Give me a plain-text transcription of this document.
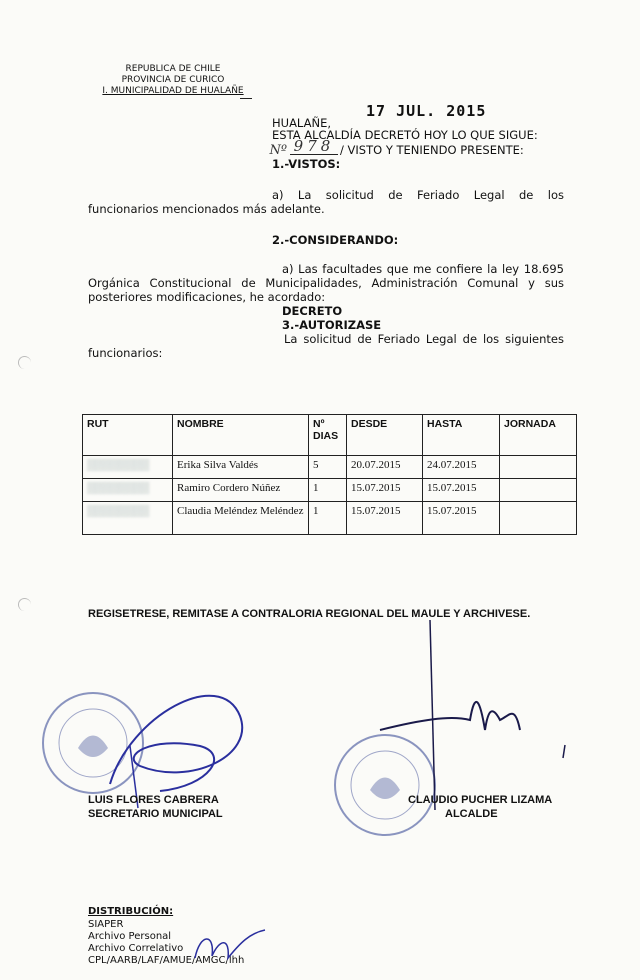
REPUBLICA DE CHILE
PROVINCIA DE CURICO
I. MUNICIPALIDAD DE HUALAÑE
HUALAÑE,
17 JUL. 2015
ESTA ALCALDÍA DECRETÓ HOY LO QUE SIGUE:
Nº 978 / VISTO Y TENIENDO PRESENTE:
1.-VISTOS:
a) La solicitud de Feriado Legal de los
funcionarios mencionados más adelante.
2.-CONSIDERANDO:
a) Las facultades que me confiere la ley 18.695
Orgánica Constitucional de Municipalidades, Administración Comunal y sus
posteriores modificaciones, he acordado:
DECRETO
3.-AUTORIZASE
La solicitud de Feriado Legal de los siguientes
funcionarios:
RUT	NOMBRE	Nº DIAS	DESDE	HASTA	JORNADA
▒▒▒▒▒▒▒▒	Erika Silva Valdés	5	20.07.2015	24.07.2015	
▒▒▒▒▒▒▒▒	Ramiro Cordero Núñez	1	15.07.2015	15.07.2015	
▒▒▒▒▒▒▒▒	Claudia Meléndez Meléndez	1	15.07.2015	15.07.2015	
REGISETRESE, REMITASE A CONTRALORIA REGIONAL DEL MAULE Y ARCHIVESE.
LUIS FLORES CABRERA
SECRETARIO MUNICIPAL
CLAUDIO PUCHER LIZAMA
ALCALDE
DISTRIBUCIÓN:
SIAPER
Archivo Personal
Archivo Correlativo
CPL/AARB/LAF/AMUE/AMGC/lhh
